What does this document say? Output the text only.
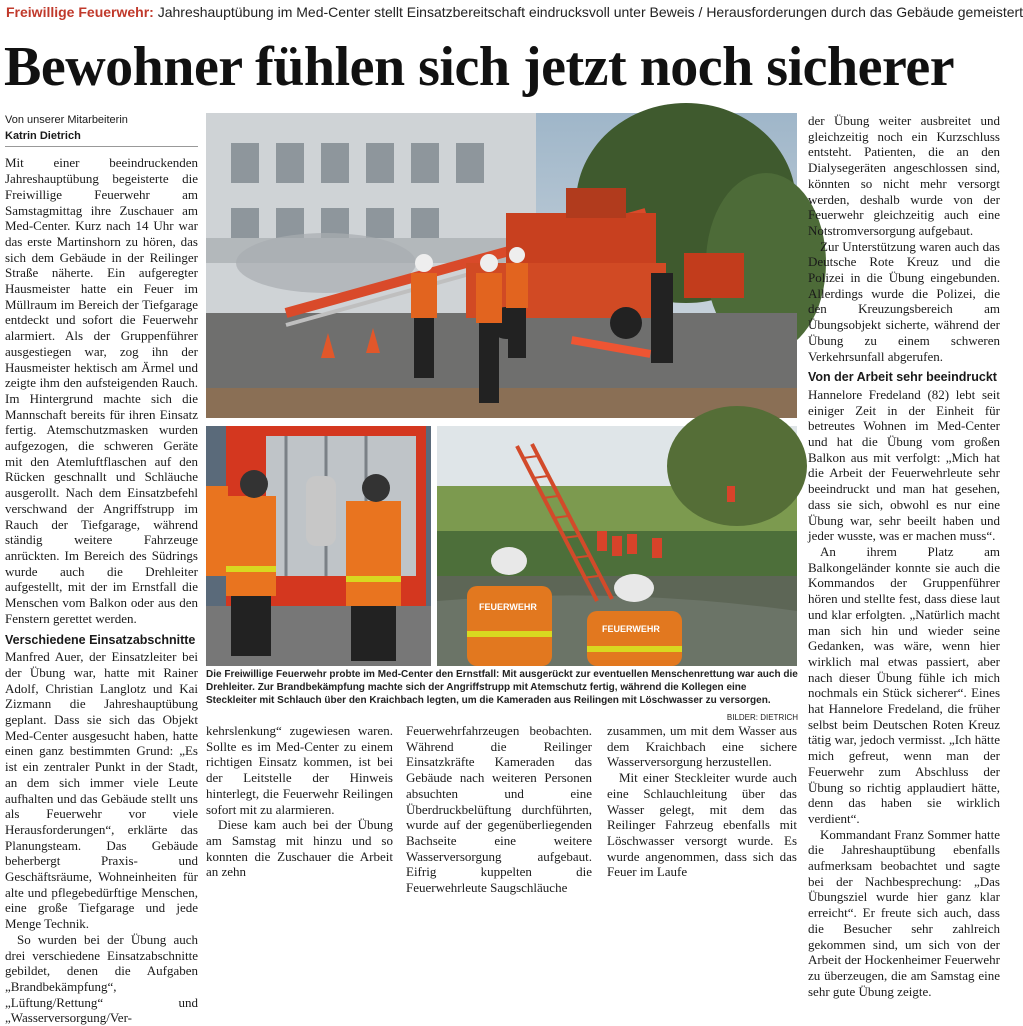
Freiwillige Feuerwehr: Jahreshauptübung im Med-Center stellt Einsatzbereitschaft eindrucksvoll unter Beweis / Herausforderungen durch das Gebäude gemeistert
Bewohner fühlen sich jetzt noch sicherer
Von unserer Mitarbeiterin
Katrin Dietrich

Mit einer beeindruckenden Jahreshauptübung begeisterte die Freiwillige Feuerwehr am Samstagmittag ihre Zuschauer am Med-Center. Kurz nach 14 Uhr war das erste Martinshorn zu hören, das sich dem Gebäude in der Reilinger Straße näherte. Ein aufgeregter Hausmeister hatte ein Feuer im Müllraum im Bereich der Tiefgarage entdeckt und sofort die Feuerwehr alarmiert. Als der Gruppenführer ausgestiegen war, zog ihn der Hausmeister hektisch am Ärmel und zeigte ihm den aufsteigenden Rauch. Im Hintergrund machte sich die Mannschaft bereits für ihren Einsatz fertig. Atemschutzmasken wurden aufgezogen, die schweren Geräte mit den Atemluftflaschen auf den Rücken geschnallt und Schläuche ausgerollt. Nach dem Einsatzbefehl verschwand der Angriffstrupp im Rauch der Tiefgarage, während ständig weitere Fahrzeuge anrückten. Im Bereich des Südrings wurde auch die Drehleiter aufgestellt, mit der im Ernstfall die Menschen vom Balkon oder aus den Fenstern gerettet werden.

Verschiedene Einsatzabschnitte

Manfred Auer, der Einsatzleiter bei der Übung war, hatte mit Rainer Adolf, Christian Langlotz und Kai Zizmann die Jahreshauptübung geplant. Dass sie sich das Objekt Med-Center ausgesucht haben, hatte einen ganz bestimmten Grund: „Es ist ein zentraler Punkt in der Stadt, an dem sich immer viele Leute aufhalten und das Gebäude stellt uns als Feuerwehr vor viele Herausforderungen“, erklärte das Planungsteam. Das Gebäude beherbergt Praxis- und Geschäftsräume, Wohneinheiten für alte und pflegebedürftige Menschen, eine große Tiefgarage und jede Menge Technik.

So wurden bei der Übung auch drei verschiedene Einsatzabschnitte gebildet, denen die Aufgaben „Brandbekämpfung“, „Lüftung/Rettung“ und „Wasserversorgung/Ver-

FEUERWEHR
FEUERWEHR
Die Freiwillige Feuerwehr probte im Med-Center den Ernstfall: Mit ausgerückt zur eventuellen Menschenrettung war auch die Drehleiter. Zur Brandbekämpfung machte sich der Angriffstrupp mit Atemschutz fertig, während die Kollegen eine Steckleiter mit Schlauch über den Kraichbach legten, um die Kameraden aus Reilingen mit Löschwasser zu versorgen.
BILDER: DIETRICH

kehrslenkung“ zugewiesen waren. Sollte es im Med-Center zu einem richtigen Einsatz kommen, ist bei der Leitstelle der Hinweis hinterlegt, die Feuerwehr Reilingen sofort mit zu alarmieren.

Diese kam auch bei der Übung am Samstag mit hinzu und so konnten die Zuschauer die Arbeit an zehn

Feuerwehrfahrzeugen beobachten. Während die Reilinger Einsatzkräfte Kameraden das Gebäude nach weiteren Personen absuchten und eine Überdruckbelüftung durchführten, wurde auf der gegenüberliegenden Bachseite eine weitere Wasserversorgung aufgebaut. Eifrig kuppelten die Feuerwehrleute Saugschläuche

zusammen, um mit dem Wasser aus dem Kraichbach eine sichere Wasserversorgung herzustellen.

Mit einer Steckleiter wurde auch eine Schlauchleitung über das Wasser gelegt, mit dem das Reilinger Fahrzeug ebenfalls mit Löschwasser versorgt wurde. Es wurde angenommen, dass sich das Feuer im Laufe

der Übung weiter ausbreitet und gleichzeitig noch ein Kurzschluss entsteht. Patienten, die an den Dialysegeräten angeschlossen sind, könnten so nicht mehr versorgt werden, deshalb wurde von der Feuerwehr gleichzeitig auch eine Notstromversorgung aufgebaut.

Zur Unterstützung waren auch das Deutsche Rote Kreuz und die Polizei in die Übung eingebunden. Allerdings wurde die Polizei, die den Kreuzungsbereich am Übungsobjekt sicherte, während der Übung zu einem schweren Verkehrsunfall abgerufen.

Von der Arbeit sehr beeindruckt

Hannelore Fredeland (82) lebt seit einiger Zeit in der Einheit für betreutes Wohnen im Med-Center und hat die Übung vom großen Balkon aus mit verfolgt: „Mich hat die Arbeit der Feuerwehrleute sehr beeindruckt und man hat gesehen, dass sie sich, obwohl es nur eine Übung war, sehr beeilt haben und jeder wusste, was er machen muss“.

An ihrem Platz am Balkongeländer konnte sie auch die Kommandos der Gruppenführer hören und stellte fest, dass diese laut und klar erfolgten. „Natürlich macht man sich hin und wieder seine Gedanken, was wäre, wenn hier wirklich mal etwas passiert, aber nach dieser Übung fühle ich mich nochmals ein Stück sicherer“. Eines hat Hannelore Fredeland, die früher selbst beim Deutschen Roten Kreuz tätig war, jedoch vermisst. „Ich hätte mich gefreut, wenn man der Feuerwehr zum Abschluss der Übung so richtig applaudiert hätte, denn das haben sie wirklich verdient“.

Kommandant Franz Sommer hatte die Jahreshauptübung ebenfalls aufmerksam beobachtet und sagte bei der Nachbesprechung: „Das Übungsziel wurde hier ganz klar erreicht“. Er freute sich auch, dass die Besucher sehr zahlreich gekommen sind, um sich von der Arbeit der Hockenheimer Feuerwehr zu überzeugen, die am Samstag eine sehr gute Übung zeigte.
